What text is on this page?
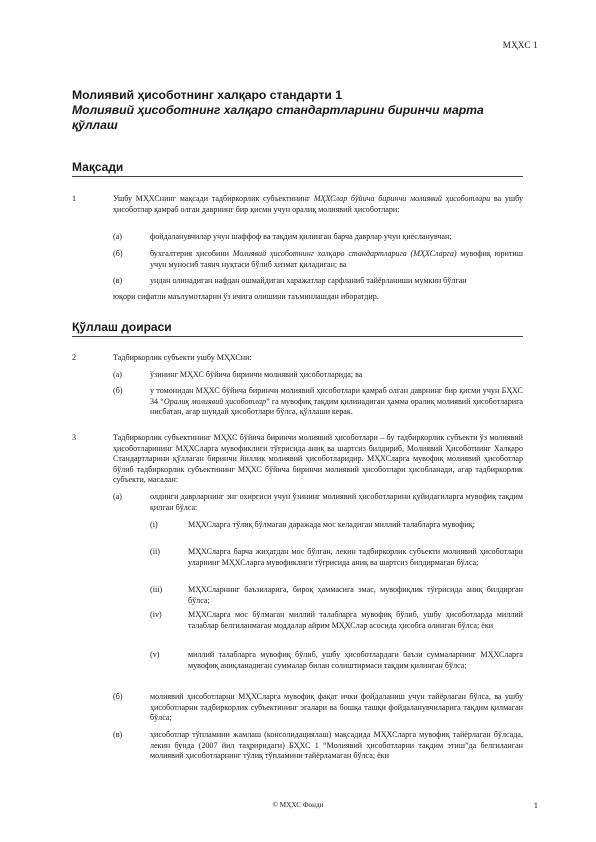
МҲХС 1
Молиявий ҳисоботнинг халқаро стандарти 1
Молиявий ҳисоботнинг халқаро стандартларини биринчи марта қўллаш
Мақсади
1	Ушбу МҲХСнинг мақсади тадбиркорлик субъектининг МҲХСлар бўйича биринчи молиявий ҳисоботлари ва ушбу ҳисоботлар қамраб олган даврнинг бир қисми учун оралиқ молиявий ҳисоботлари:
(а)	фойдаланувчилар учун шаффоф ва тақдим қилинган барча даврлар учун қиёсланувчан;
(б)	бухгалтерия ҳисобини Молиявий ҳисоботнинг халқаро стандартларига (МҲХСларга) мувофиқ юритиш учун муносиб таянч нуқтаси бўлиб хизмат қиладиган; ва
(в)	ундан олинадиган нафдан ошмайдиган харажатлар сарфланиб тайёрланиши мумкин бўлган
юқори сифатли маълумотларни ўз ичига олишини таъминлашдан иборатдир.
Қўллаш доираси
2	Тадбиркорлик субъекти ушбу МҲХСни:
(а)	ўзининг МҲХС бўйича биринчи молиявий ҳисоботларида; ва
(б)	у томонидан МҲХС бўйича биринчи молиявий ҳисоботлари қамраб олган даврнинг бир қисми учун БҲХС 34 “Оралиқ молиявий ҳисоботлар” га мувофиқ тақдим қилинадиган ҳамма оралиқ молиявий ҳисоботларига нисбатан, агар шундай ҳисоботлари бўлса, қўллаши керак.
3	Тадбиркорлик субъектининг МҲХС бўйича биринчи молиявий ҳисоботлари – бу тадбиркорлик субъекти ўз молиявий ҳисоботларининг МҲХСларга мувофиклиги тўғрисида аниқ ва шартсиз билдириб, Молиявий Ҳисоботнинг Халқаро Стандартларини қўллаган биринчи йиллик молиявий ҳисоботларидир. МҲХСларга мувофиқ молиявий ҳисоботлар бўлиб тадбиркорлик субъектининг МҲХС бўйича биринчи молиявий ҳисоботлари ҳисобланади, агар тадбиркорлик субъекти, масалан:
(а)	олдинги даврларнинг энг охиргиси учун ўзининг молиявий ҳисоботларини қуйидагиларга мувофиқ тақдим қилган бўлса:
(i)	МҲХСларга тўлиқ бўлмаган даражада мос келадиган миллий талабларга мувофиқ;
(ii)	МҲХСларга барча жиҳатдан мос бўлган, лекин тадбиркорлик субъекти молиявий ҳисоботлари уларнинг МҲХСларга мувофиклиги тўғрисида аниқ ва шартсиз билдирмаган бўлса;
(iii)	МҲХСларнинг баъзиларига, бироқ ҳаммасига эмас, мувофиқлик тўғрисида аниқ билдирган бўлса;
(iv)	МҲХСларга мос бўлмаган миллий талабларга мувофиқ бўлиб, ушбу ҳисоботларда миллий талаблар белгиланмаган моддалар айрим МҲХСлар асосида ҳисобга олинган бўлса; ёки
(v)	миллий талабларга мувофиқ бўлиб, ушбу ҳисоботлардаги баъзи суммаларнинг МҲХСларга мувофиқ аниқланадиган суммалар билан солиштирмаси тақдим қилинган бўлса;
(б)	молиявий ҳисоботларни МҲХСларга мувофиқ фақат ички фойдаланиш учун тайёрлаган бўлса, ва ушбу ҳисоботларни тадбиркорлик субъектининг эгалари ва бошқа ташқи фойдаланувчиларига тақдим қилмаган бўлса;
(в)	ҳисоботлар тўпламини жамлаш (консолидациялаш) мақсадида МҲХСларга мувофиқ тайёрлаган бўлсада, лекин бунда (2007 йил таҳриридаги) БҲХС 1 “Молиявий ҳисоботларни тақдим этиш”да белгиланган молиявий ҳисоботларнинг тўлиқ тўпламини тайёрламаган бўлса; ёки
© МҲХС Фонди	1
